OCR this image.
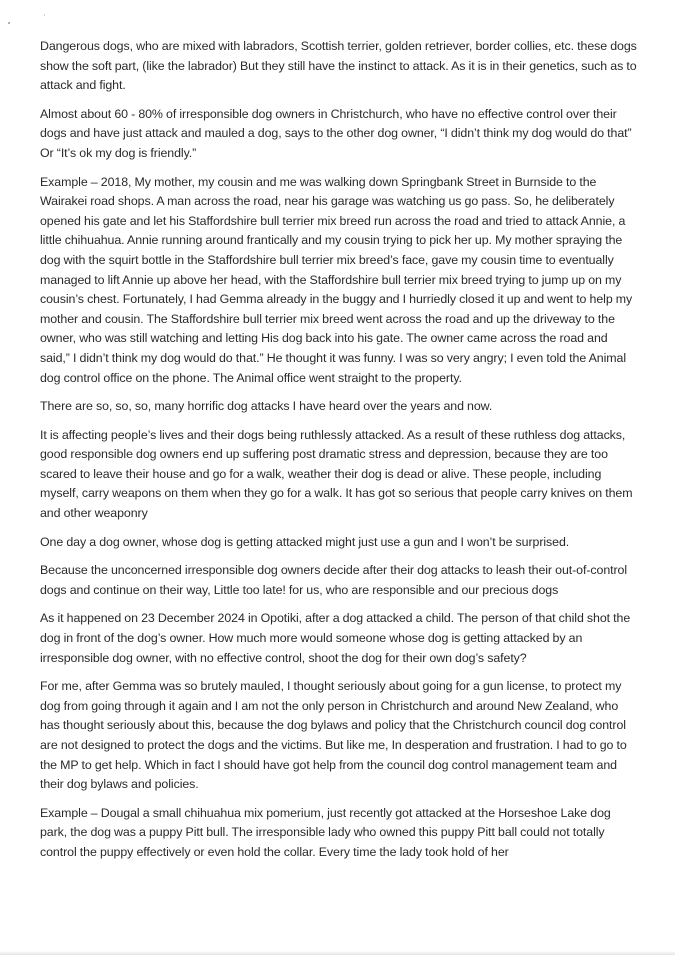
Dangerous dogs, who are mixed with labradors, Scottish terrier, golden retriever, border collies, etc. these dogs show the soft part, (like the labrador) But they still have the instinct to attack. As it is in their genetics, such as to attack and fight.

Almost about 60 - 80% of irresponsible dog owners in Christchurch, who have no effective control over their dogs and have just attack and mauled a dog, says to the other dog owner, “I didn’t think my dog would do that” Or “It’s ok my dog is friendly.”

Example – 2018, My mother, my cousin and me was walking down Springbank Street in Burnside to the Wairakei road shops. A man across the road, near his garage was watching us go pass. So, he deliberately opened his gate and let his Staffordshire bull terrier mix breed run across the road and tried to attack Annie, a little chihuahua. Annie running around frantically and my cousin trying to pick her up. My mother spraying the dog with the squirt bottle in the Staffordshire bull terrier mix breed’s face, gave my cousin time to eventually managed to lift Annie up above her head, with the Staffordshire bull terrier mix breed trying to jump up on my cousin’s chest. Fortunately, I had Gemma already in the buggy and I hurriedly closed it up and went to help my mother and cousin. The Staffordshire bull terrier mix breed went across the road and up the driveway to the owner, who was still watching and letting His dog back into his gate. The owner came across the road and said,” I didn’t think my dog would do that.” He thought it was funny. I was so very angry; I even told the Animal dog control office on the phone. The Animal office went straight to the property.

There are so, so, so, many horrific dog attacks I have heard over the years and now.

It is affecting people’s lives and their dogs being ruthlessly attacked. As a result of these ruthless dog attacks, good responsible dog owners end up suffering post dramatic stress and depression, because they are too scared to leave their house and go for a walk, weather their dog is dead or alive. These people, including myself, carry weapons on them when they go for a walk. It has got so serious that people carry knives on them and other weaponry

One day a dog owner, whose dog is getting attacked might just use a gun and I won’t be surprised.

Because the unconcerned irresponsible dog owners decide after their dog attacks to leash their out-of-control dogs and continue on their way, Little too late! for us, who are responsible and our precious dogs

As it happened on 23 December 2024 in Opotiki, after a dog attacked a child. The person of that child shot the dog in front of the dog’s owner. How much more would someone whose dog is getting attacked by an irresponsible dog owner, with no effective control, shoot the dog for their own dog’s safety?

For me, after Gemma was so brutely mauled, I thought seriously about going for a gun license, to protect my dog from going through it again and I am not the only person in Christchurch and around New Zealand, who has thought seriously about this, because the dog bylaws and policy that the Christchurch council dog control are not designed to protect the dogs and the victims. But like me, In desperation and frustration. I had to go to the MP to get help. Which in fact I should have got help from the council dog control management team and their dog bylaws and policies.

Example – Dougal a small chihuahua mix pomerium, just recently got attacked at the Horseshoe Lake dog park, the dog was a puppy Pitt bull. The irresponsible lady who owned this puppy Pitt ball could not totally control the puppy effectively or even hold the collar. Every time the lady took hold of her
